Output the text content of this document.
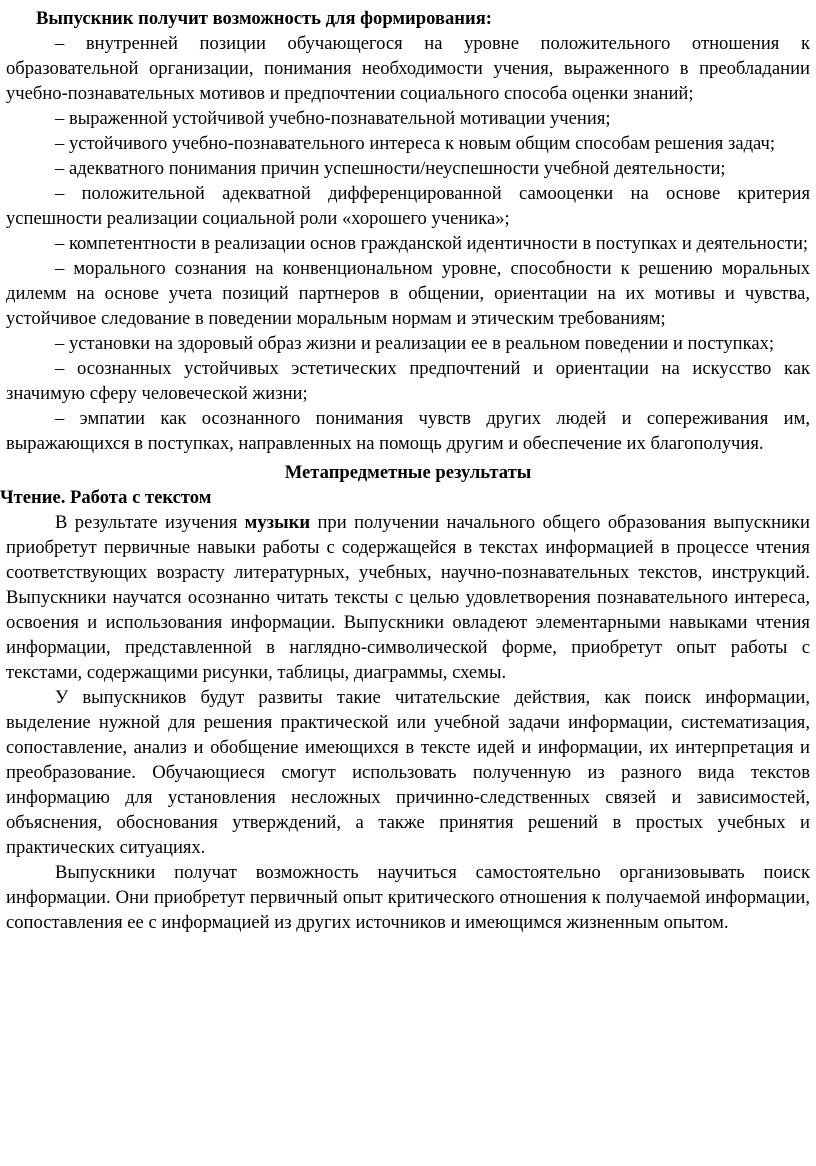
Выпускник получит возможность для формирования:

– внутренней позиции обучающегося на уровне положительного отношения к образовательной организации, понимания необходимости учения, выраженного в преобладании учебно-познавательных мотивов и предпочтении социального способа оценки знаний;

– выраженной устойчивой учебно-познавательной мотивации учения;

– устойчивого учебно-познавательного интереса к новым общим способам решения задач;

– адекватного понимания причин успешности/неуспешности учебной деятельности;

– положительной адекватной дифференцированной самооценки на основе критерия успешности реализации социальной роли «хорошего ученика»;

– компетентности в реализации основ гражданской идентичности в поступках и деятельности;

– морального сознания на конвенциональном уровне, способности к решению моральных дилемм на основе учета позиций партнеров в общении, ориентации на их мотивы и чувства, устойчивое следование в поведении моральным нормам и этическим требованиям;

– установки на здоровый образ жизни и реализации ее в реальном поведении и поступках;

– осознанных устойчивых эстетических предпочтений и ориентации на искусство как значимую сферу человеческой жизни;

– эмпатии как осознанного понимания чувств других людей и сопереживания им, выражающихся в поступках, направленных на помощь другим и обеспечение их благополучия.

Метапредметные результаты

Чтение. Работа с текстом

В результате изучения музыки при получении начального общего образования выпускники приобретут первичные навыки работы с содержащейся в текстах информацией в процессе чтения соответствующих возрасту литературных, учебных, научно-познавательных текстов, инструкций. Выпускники научатся осознанно читать тексты с целью удовлетворения познавательного интереса, освоения и использования информации. Выпускники овладеют элементарными навыками чтения информации, представленной в наглядно-символической форме, приобретут опыт работы с текстами, содержащими рисунки, таблицы, диаграммы, схемы.

У выпускников будут развиты такие читательские действия, как поиск информации, выделение нужной для решения практической или учебной задачи информации, систематизация, сопоставление, анализ и обобщение имеющихся в тексте идей и информации, их интерпретация и преобразование. Обучающиеся смогут использовать полученную из разного вида текстов информацию для установления несложных причинно-следственных связей и зависимостей, объяснения, обоснования утверждений, а также принятия решений в простых учебных и практических ситуациях.

Выпускники получат возможность научиться самостоятельно организовывать поиск информации. Они приобретут первичный опыт критического отношения к получаемой информации, сопоставления ее с информацией из других источников и имеющимся жизненным опытом.
